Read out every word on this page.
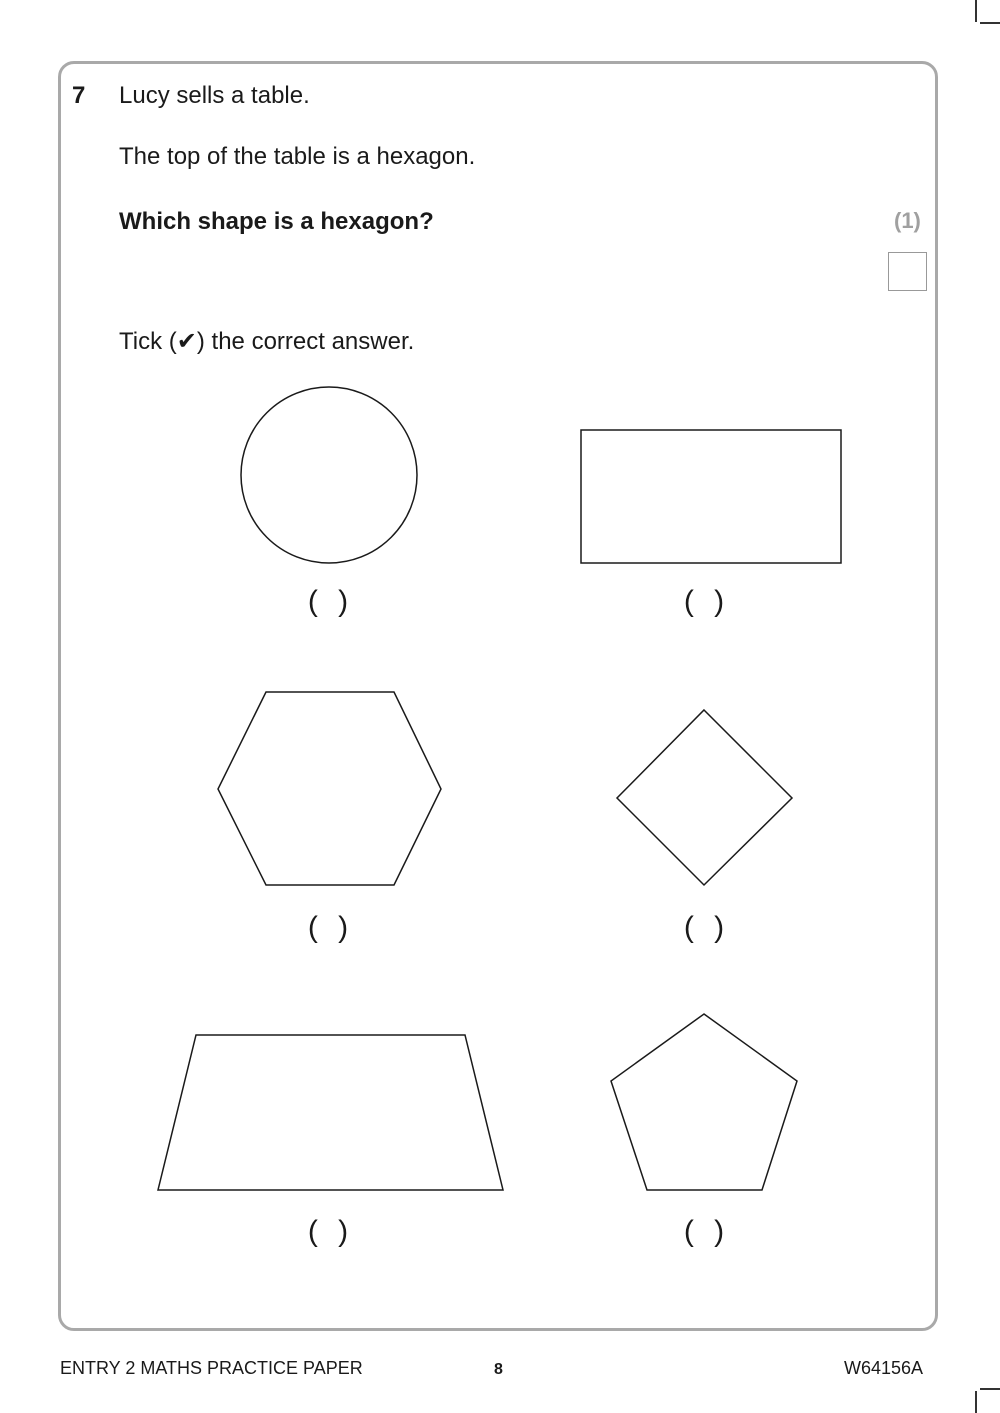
7 Lucy sells a table.
The top of the table is a hexagon.
Which shape is a hexagon?	(1)
Tick (✔) the correct answer.
( )	( )
( )	( )
( )	( )
ENTRY 2 MATHS PRACTICE PAPER	8	W64156A
